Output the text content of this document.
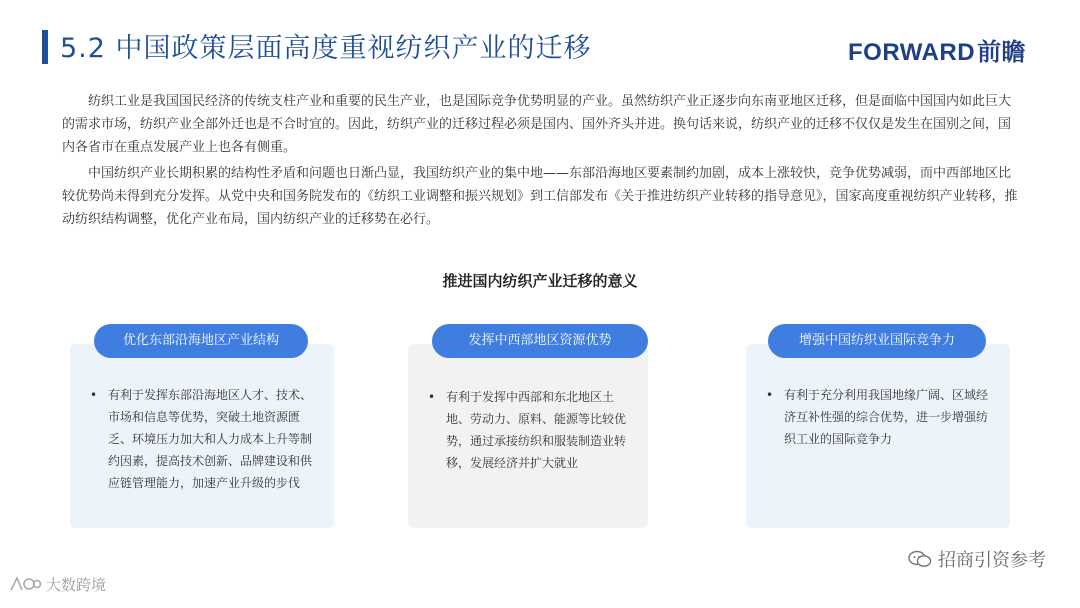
5.2 中国政策层面高度重视纺织产业的迁移	FORWARD前瞻

纺织工业是我国国民经济的传统支柱产业和重要的民生产业，也是国际竞争优势明显的产业。虽然纺织产业正逐步向东南亚地区迁移，但是面临中国国内如此巨大的需求市场，纺织产业全部外迁也是不合时宜的。因此，纺织产业的迁移过程必须是国内、国外齐头并进。换句话来说，纺织产业的迁移不仅仅是发生在国别之间，国内各省市在重点发展产业上也各有侧重。

中国纺织产业长期积累的结构性矛盾和问题也日渐凸显，我国纺织产业的集中地——东部沿海地区要素制约加剧，成本上涨较快，竞争优势减弱，而中西部地区比较优势尚未得到充分发挥。从党中央和国务院发布的《纺织工业调整和振兴规划》到工信部发布《关于推进纺织产业转移的指导意见》，国家高度重视纺织产业转移，推动纺织结构调整，优化产业布局，国内纺织产业的迁移势在必行。

推进国内纺织产业迁移的意义
• 有利于发挥东部沿海地区人才、技术、市场和信息等优势，突破土地资源匮乏、环境压力加大和人力成本上升等制约因素，提高技术创新、品牌建设和供应链管理能力，加速产业升级的步伐
优化东部沿海地区产业结构
• 有利于发挥中西部和东北地区土地、劳动力、原料、能源等比较优势，通过承接纺织和服装制造业转移，发展经济并扩大就业
发挥中西部地区资源优势
• 有利于充分利用我国地缘广阔、区域经济互补性强的综合优势，进一步增强纺织工业的国际竞争力
增强中国纺织业国际竞争力
招商引资参考
大数跨境
